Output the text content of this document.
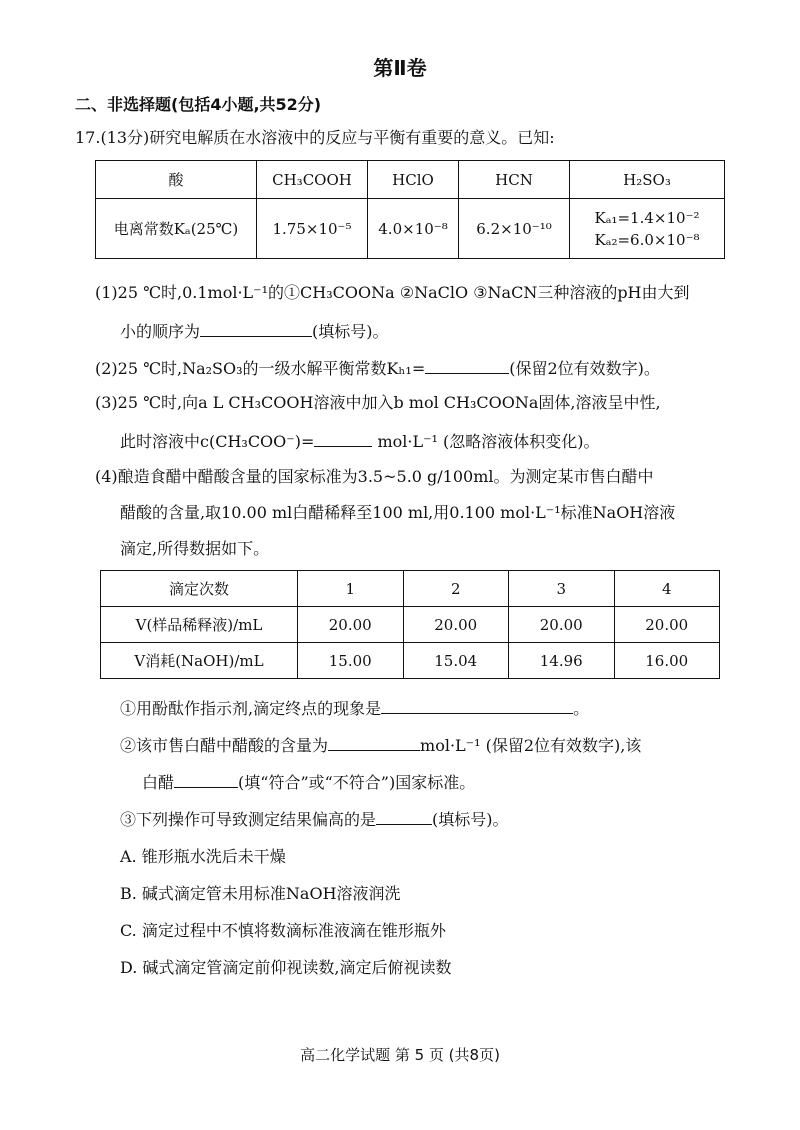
第Ⅱ卷
二、非选择题(包括4小题,共52分)
17.(13分)研究电解质在水溶液中的反应与平衡有重要的意义。已知:
酸	CH₃COOH	HClO	HCN	H₂SO₃
电离常数Kₐ(25℃)	1.75×10⁻⁵	4.0×10⁻⁸	6.2×10⁻¹⁰	Kₐ₁=1.4×10⁻²
Kₐ₂=6.0×10⁻⁸
(1)25 ℃时,0.1mol·L⁻¹的①CH₃COONa ②NaClO ③NaCN三种溶液的pH由大到
小的顺序为	(填标号)。
(2)25 ℃时,Na₂SO₃的一级水解平衡常数Kₕ₁=	(保留2位有效数字)。
(3)25 ℃时,向a L CH₃COOH溶液中加入b mol CH₃COONa固体,溶液呈中性,
此时溶液中c(CH₃COO⁻)=	mol·L⁻¹ (忽略溶液体积变化)。
(4)酿造食醋中醋酸含量的国家标准为3.5~5.0 g/100ml。为测定某市售白醋中
醋酸的含量,取10.00 ml白醋稀释至100 ml,用0.100 mol·L⁻¹标准NaOH溶液
滴定,所得数据如下。
滴定次数	1	2	3	4
V(样品稀释液)/mL	20.00	20.00	20.00	20.00
V消耗(NaOH)/mL	15.00	15.04	14.96	16.00
①用酚酞作指示剂,滴定终点的现象是	。
②该市售白醋中醋酸的含量为	mol·L⁻¹ (保留2位有效数字),该
白醋	(填“符合”或“不符合”)国家标准。
③下列操作可导致测定结果偏高的是	(填标号)。
A. 锥形瓶水洗后未干燥
B. 碱式滴定管未用标准NaOH溶液润洗
C. 滴定过程中不慎将数滴标准液滴在锥形瓶外
D. 碱式滴定管滴定前仰视读数,滴定后俯视读数
高二化学试题 第 5 页 (共8页)
